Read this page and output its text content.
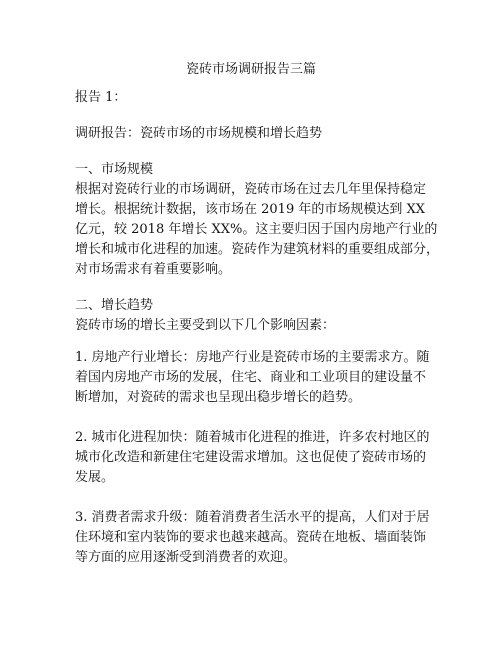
瓷砖市场调研报告三篇
报告 1：
调研报告：瓷砖市场的市场规模和增长趋势
一、市场规模
根据对瓷砖行业的市场调研，瓷砖市场在过去几年里保持稳定
增长。根据统计数据，该市场在 2019 年的市场规模达到 XX
亿元，较 2018 年增长 XX%。这主要归因于国内房地产行业的
增长和城市化进程的加速。瓷砖作为建筑材料的重要组成部分，
对市场需求有着重要影响。
二、增长趋势
瓷砖市场的增长主要受到以下几个影响因素：
1. 房地产行业增长：房地产行业是瓷砖市场的主要需求方。随
着国内房地产市场的发展，住宅、商业和工业项目的建设量不
断增加，对瓷砖的需求也呈现出稳步增长的趋势。
2. 城市化进程加快：随着城市化进程的推进，许多农村地区的
城市化改造和新建住宅建设需求增加。这也促使了瓷砖市场的
发展。
3. 消费者需求升级：随着消费者生活水平的提高，人们对于居
住环境和室内装饰的要求也越来越高。瓷砖在地板、墙面装饰
等方面的应用逐渐受到消费者的欢迎。
